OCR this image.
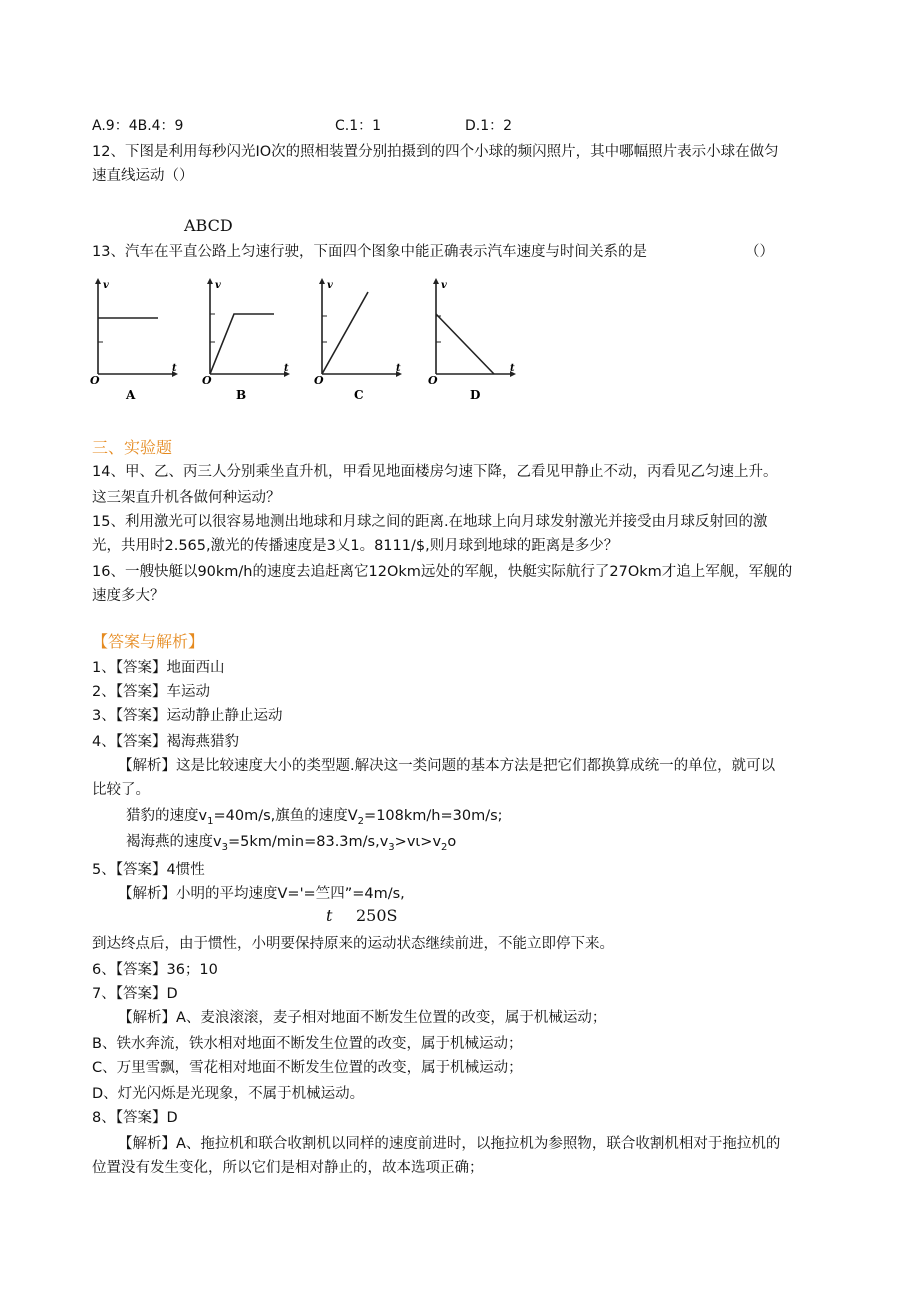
A.9：4B.4：9	C.1：1	D.1：2
12、下图是利用每秒闪光IO次的照相装置分别拍摄到的四个小球的频闪照片，其中哪幅照片表示小球在做匀
速直线运动（）
ABCD
13、汽车在平直公路上匀速行驶，下面四个图象中能正确表示汽车速度与时间关系的是	（）
v
t
O
A
v
t
O
B
v
t
O
C
v
t
O
D
三、实验题
14、甲、乙、丙三人分别乘坐直升机，甲看见地面楼房匀速下降，乙看见甲静止不动，丙看见乙匀速上升。
这三架直升机各做何种运动？
15、利用激光可以很容易地测出地球和月球之间的距离.在地球上向月球发射激光并接受由月球反射回的激
光，共用时2.565,激光的传播速度是3乂1。8111/$,则月球到地球的距离是多少？
16、一艘快艇以90km/h的速度去追赶离它12Okm远处的军舰，快艇实际航行了27Okm才追上军舰，军舰的
速度多大？
【答案与解析】
1、【答案】地面西山
2、【答案】车运动
3、【答案】运动静止静止运动
4、【答案】褐海燕猎豹
【解析】这是比较速度大小的类型题.解决这一类问题的基本方法是把它们都换算成统一的单位，就可以
比较了。
猎豹的速度$v_1=40m/s$,旗鱼的速度$V_2=108km/h=30m/s$;
褐海燕的速度$v_3=5km/\min=83.3m/s,v_3>v\iota>v_2o$
5、【答案】4惯性
【解析】小明的平均速度V='=竺四”=4m/s,
t 250S
到达终点后，由于惯性，小明要保持原来的运动状态继续前进，不能立即停下来。
6、【答案】36；10
7、【答案】D
【解析】A、麦浪滚滚，麦子相对地面不断发生位置的改变，属于机械运动；
B、铁水奔流，铁水相对地面不断发生位置的改变，属于机械运动；
C、万里雪飘，雪花相对地面不断发生位置的改变，属于机械运动；
D、灯光闪烁是光现象，不属于机械运动。
8、【答案】D
【解析】A、拖拉机和联合收割机以同样的速度前进时，以拖拉机为参照物，联合收割机相对于拖拉机的
位置没有发生变化，所以它们是相对静止的，故本选项正确；
